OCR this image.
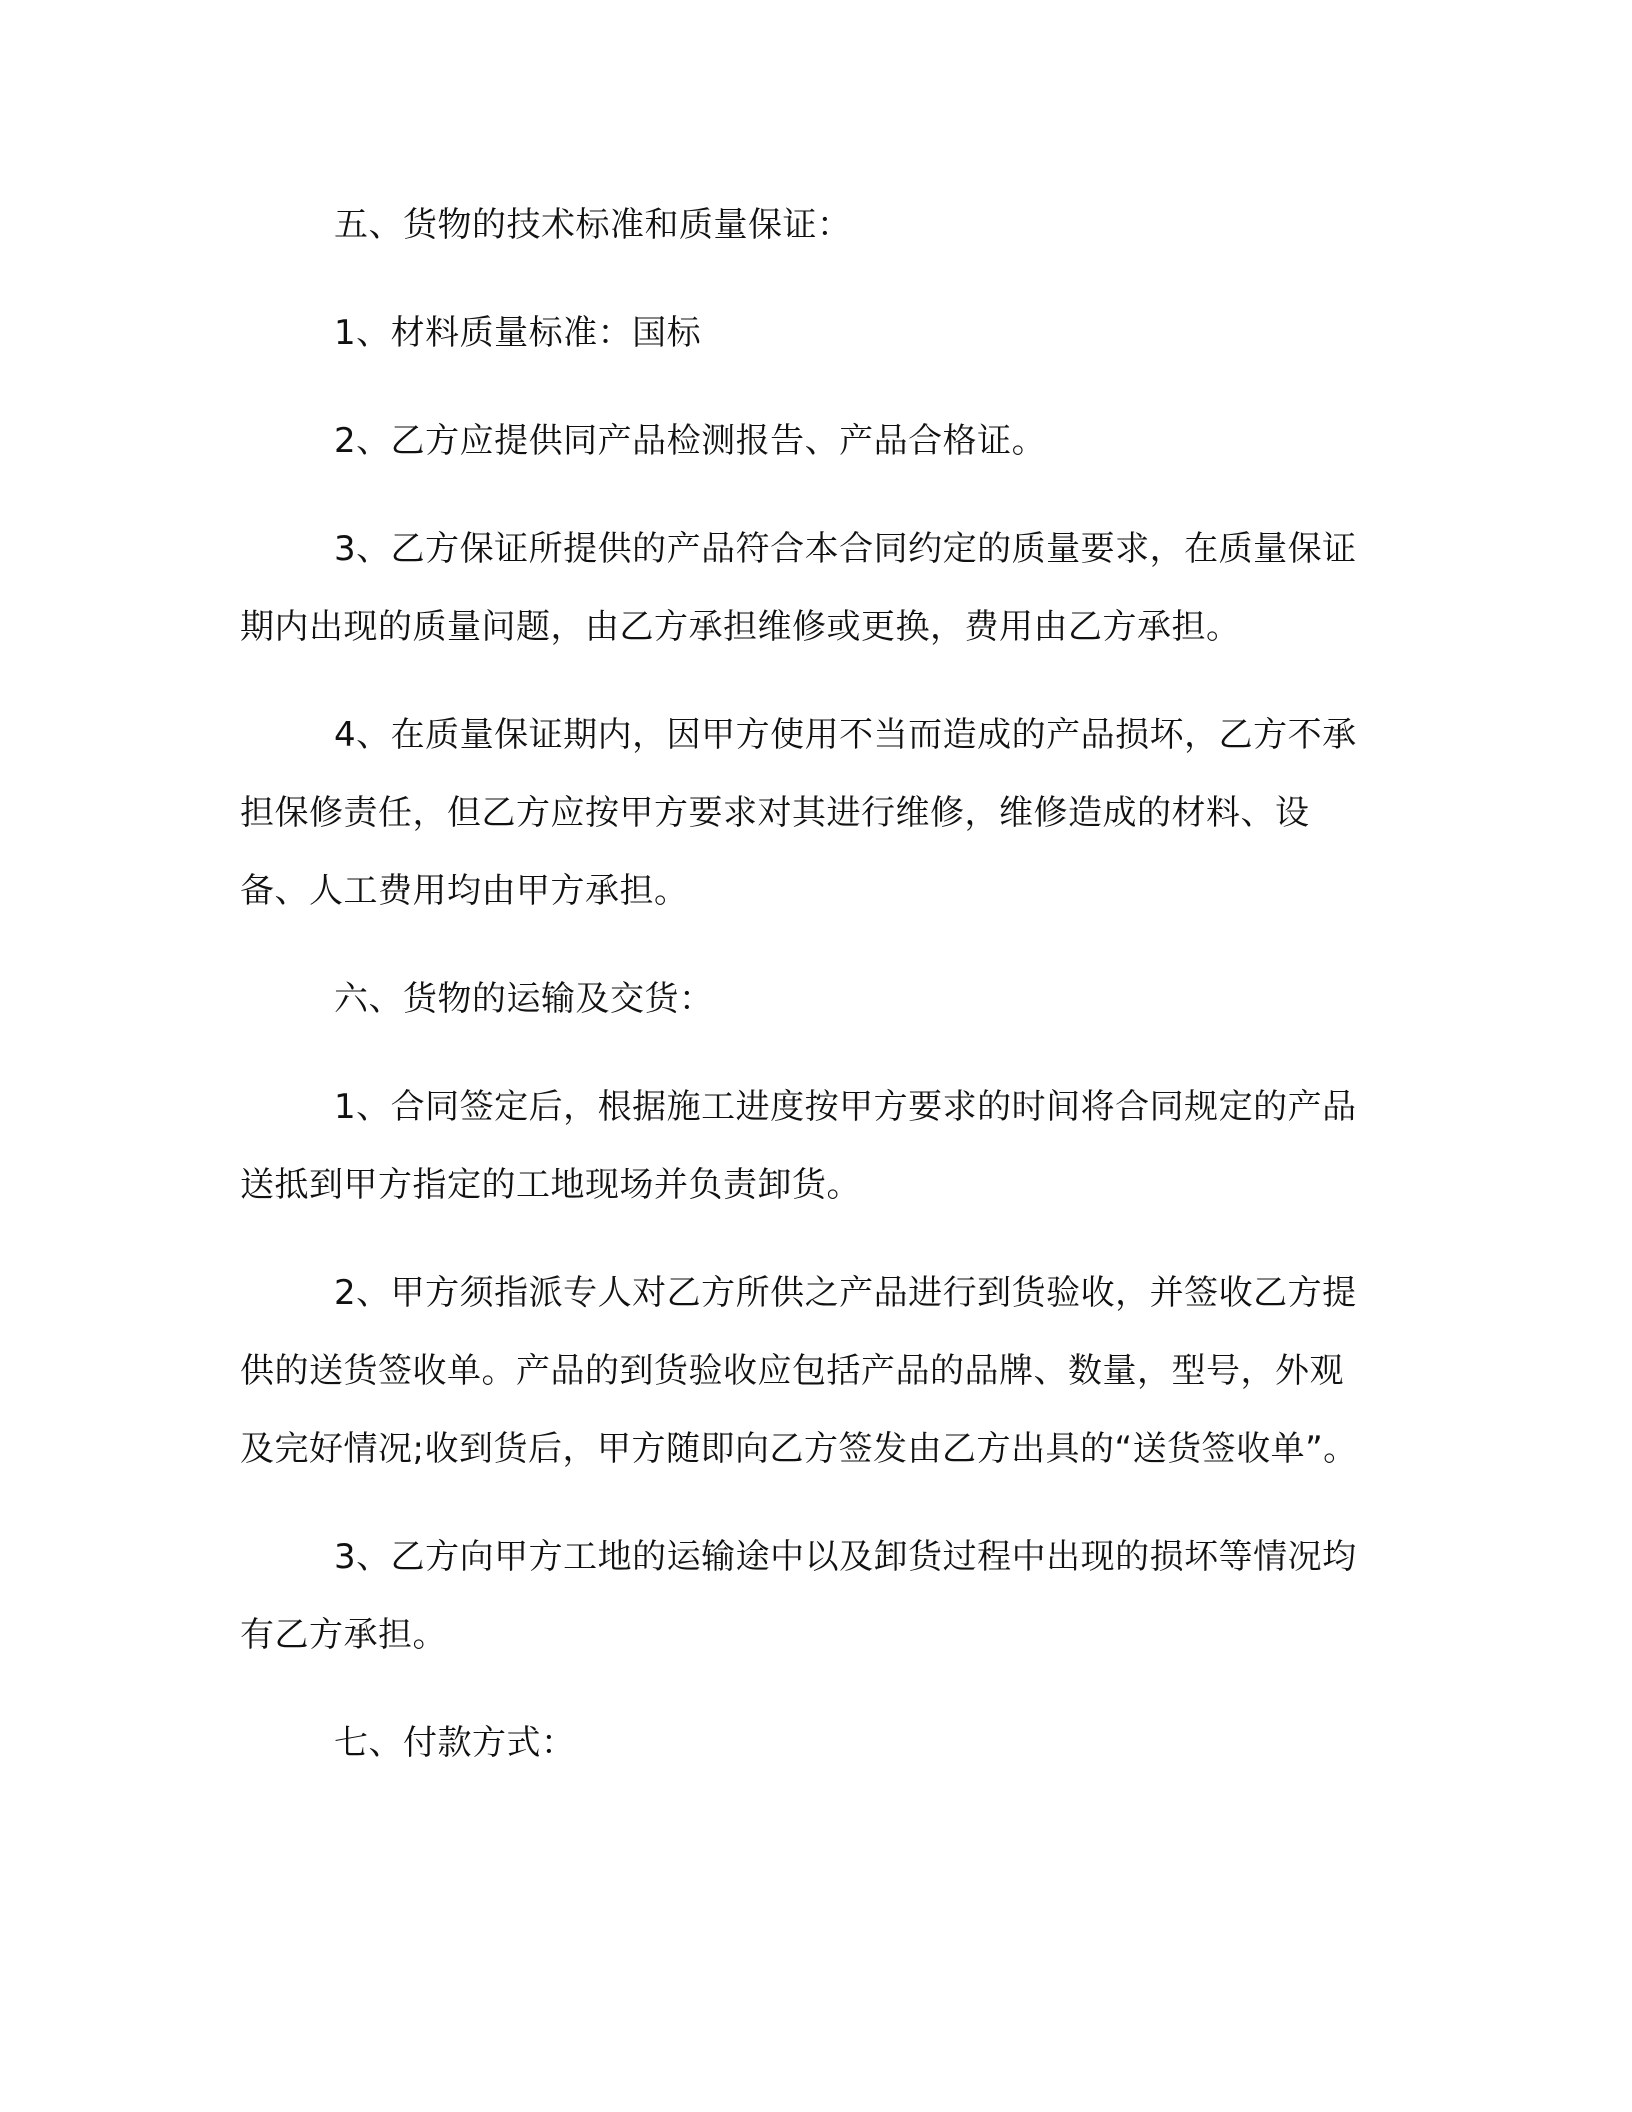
五、货物的技术标准和质量保证：

1、材料质量标准：国标

2、乙方应提供同产品检测报告、产品合格证。

3、乙方保证所提供的产品符合本合同约定的质量要求，在质量保证期内出现的质量问题，由乙方承担维修或更换，费用由乙方承担。

4、在质量保证期内，因甲方使用不当而造成的产品损坏，乙方不承担保修责任，但乙方应按甲方要求对其进行维修，维修造成的材料、设备、人工费用均由甲方承担。

六、货物的运输及交货：

1、合同签定后，根据施工进度按甲方要求的时间将合同规定的产品送抵到甲方指定的工地现场并负责卸货。

2、甲方须指派专人对乙方所供之产品进行到货验收，并签收乙方提供的送货签收单。产品的到货验收应包括产品的品牌、数量，型号，外观及完好情况;收到货后，甲方随即向乙方签发由乙方出具的“送货签收单”。

3、乙方向甲方工地的运输途中以及卸货过程中出现的损坏等情况均有乙方承担。

七、付款方式：
